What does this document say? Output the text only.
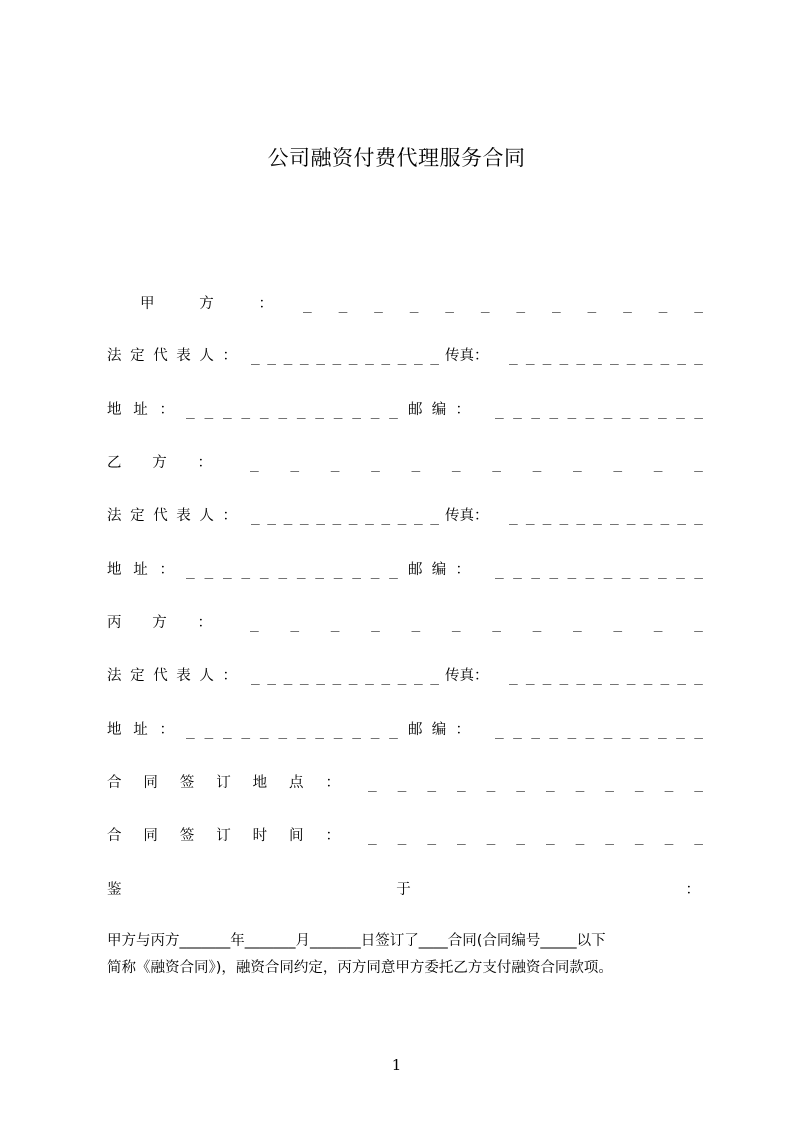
公司融资付费代理服务合同
甲	方	： _ _ _ _ _ _ _ _ _ _ _ _
法 定 代 表 人 ： _ _ _ _ _ _ _ _ _ _ _ _ 传 真 ： _ _ _ _ _ _ _ _ _ _ _ _
地 址 ： _ _ _ _ _ _ _ _ _ _ _ _ 邮 编 ： _ _ _ _ _ _ _ _ _ _ _ _
乙 方 ：	_ _ _ _ _ _ _ _ _ _ _ _
法 定 代 表 人 ： _ _ _ _ _ _ _ _ _ _ _ _ 传 真 ： _ _ _ _ _ _ _ _ _ _ _ _
地 址 ： _ _ _ _ _ _ _ _ _ _ _ _ 邮 编 ： _ _ _ _ _ _ _ _ _ _ _ _
丙 方 ：	_ _ _ _ _ _ _ _ _ _ _ _
法 定 代 表 人 ： _ _ _ _ _ _ _ _ _ _ _ _ 传 真 ： _ _ _ _ _ _ _ _ _ _ _ _
地 址 ： _ _ _ _ _ _ _ _ _ _ _ _ 邮 编 ： _ _ _ _ _ _ _ _ _ _ _ _
合 同 签 订 地 点 ： _ _ _ _ _ _ _ _ _ _ _ _
合 同 签 订 时 间 ： _ _ _ _ _ _ _ _ _ _ _ _
鉴	于	：
甲方与丙方_______年_______月_______日签订了____合同(合同编号_____以下
简称《融资合同》)，融资合同约定，丙方同意甲方委托乙方支付融资合同款项。
1
